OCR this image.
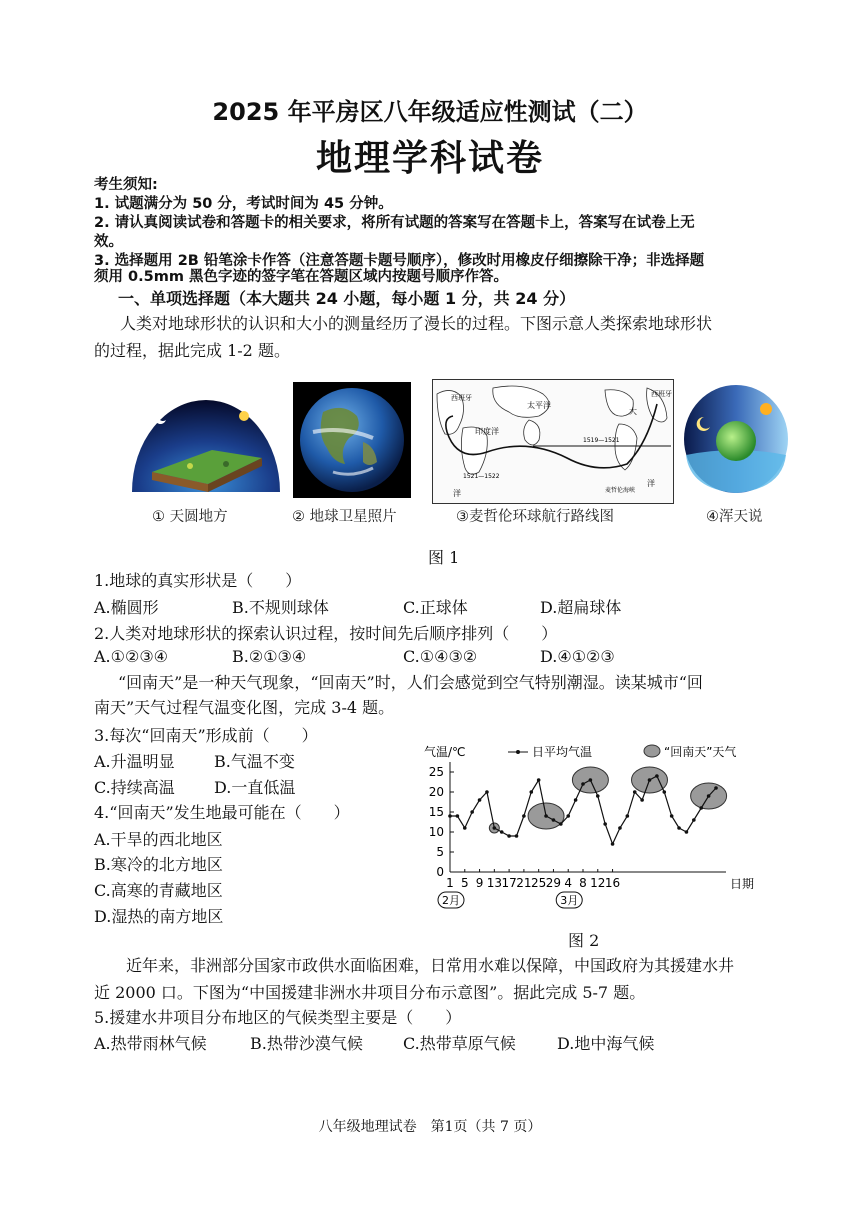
2025 年平房区八年级适应性测试（二）
地理学科试卷
考生须知:
1. 试题满分为 50 分，考试时间为 45 分钟。
2. 请认真阅读试卷和答题卡的相关要求，将所有试题的答案写在答题卡上，答案写在试卷上无
效。
3. 选择题用 2B 铅笔涂卡作答（注意答题卡题号顺序），修改时用橡皮仔细擦除干净；非选择题
须用 0.5mm 黑色字迹的签字笔在答题区域内按题号顺序作答。
一、单项选择题（本大题共 24 小题，每小题 1 分，共 24 分）
人类对地球形状的认识和大小的测量经历了漫长的过程。下图示意人类探索地球形状
的过程，据此完成 1-2 题。
太平洋
印度洋
西班牙	西班牙
洋
洋
麦哲伦海峡
大
1519—1521
1521—1522
① 天圆地方	② 地球卫星照片	③麦哲伦环球航行路线图	④浑天说
图 1
1.地球的真实形状是（　　）
A.椭圆形	B.不规则球体	C.正球体	D.超扁球体
2.人类对地球形状的探索认识过程，按时间先后顺序排列（　　）
A.①②③④	B.②①③④	C.①④③②	D.④①②③
“回南天”是一种天气现象，“回南天”时，人们会感觉到空气特别潮湿。读某城市“回
南天”天气过程气温变化图，完成 3-4 题。
3.每次“回南天”形成前（　　）
A.升温明显 B.气温不变
C.持续高温 D.一直低温
4.“回南天”发生地最可能在（　　）
A.干旱的西北地区
B.寒冷的北方地区
C.高寒的青藏地区
D.湿热的南方地区
气温/℃	日平均气温	“回南天”天气
0
5
10
15
20
25
1 5 9 13 17 21 25 29 4 8 12 16	日期
2月	3月
图 2
近年来，非洲部分国家市政供水面临困难，日常用水难以保障，中国政府为其援建水井
近 2000 口。下图为“中国援建非洲水井项目分布示意图”。据此完成 5-7 题。
5.援建水井项目分布地区的气候类型主要是（　　）
A.热带雨林气候	B.热带沙漠气候	C.热带草原气候	D.地中海气候
八年级地理试卷　第1页（共 7 页）
